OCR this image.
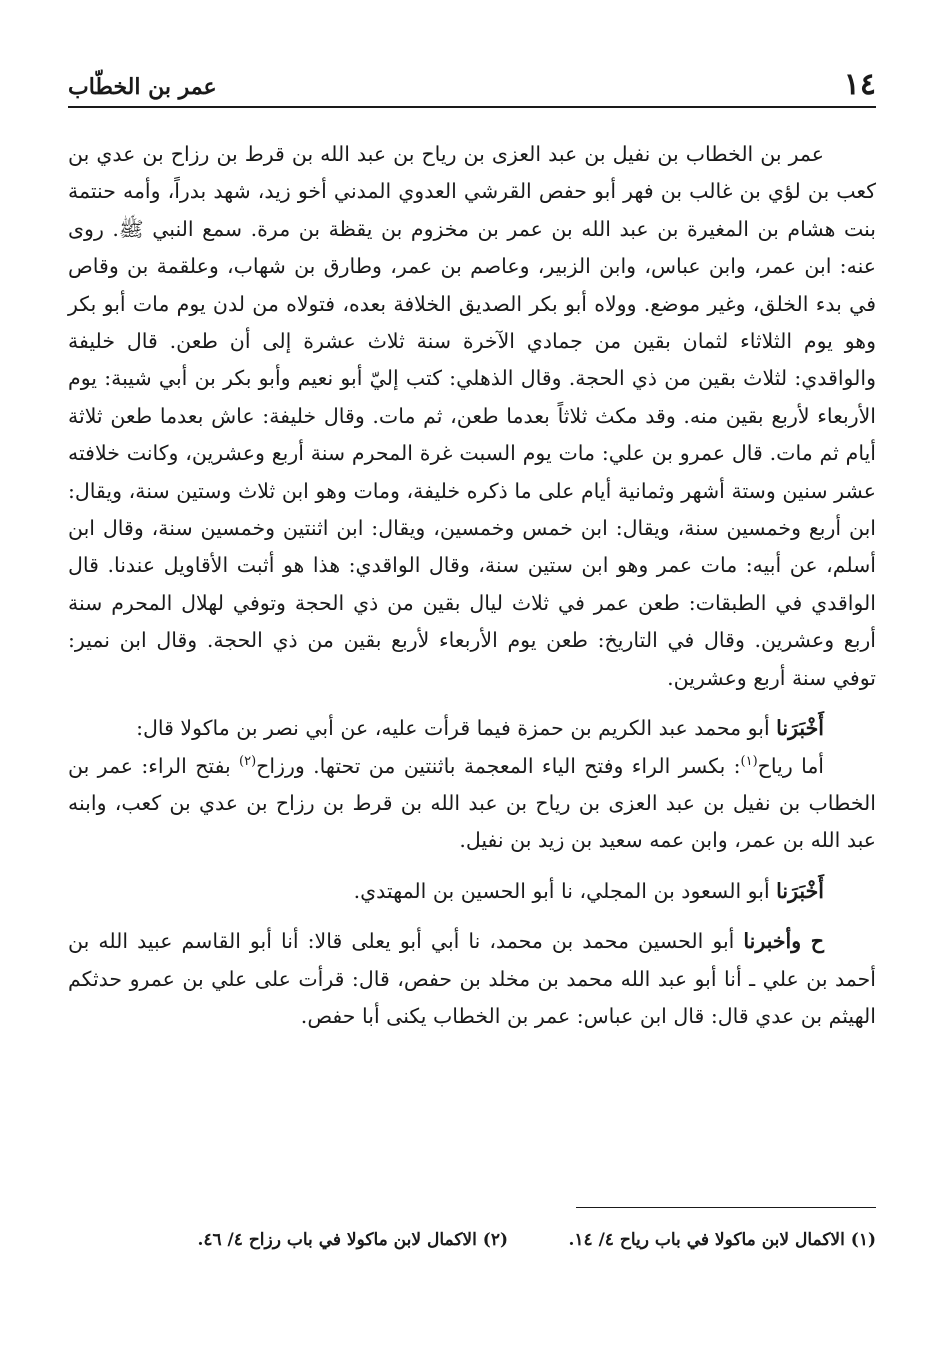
١٤
عمر بن الخطّاب

عمر بن الخطاب بن نفيل بن عبد العزى بن رياح بن عبد الله بن قرط بن رزاح بن عدي بن كعب بن لؤي بن غالب بن فهر أبو حفص القرشي العدوي المدني أخو زيد، شهد بدراً، وأمه حنتمة بنت هشام بن المغيرة بن عبد الله بن عمر بن مخزوم بن يقظة بن مرة. سمع النبي ﷺ. روى عنه: ابن عمر، وابن عباس، وابن الزبير، وعاصم بن عمر، وطارق بن شهاب، وعلقمة بن وقاص في بدء الخلق، وغير موضع. وولاه أبو بكر الصديق الخلافة بعده، فتولاه من لدن يوم مات أبو بكر وهو يوم الثلاثاء لثمان بقين من جمادي الآخرة سنة ثلاث عشرة إلى أن طعن. قال خليفة والواقدي: لثلاث بقين من ذي الحجة. وقال الذهلي: كتب إليّ أبو نعيم وأبو بكر بن أبي شيبة: يوم الأربعاء لأربع بقين منه. وقد مكث ثلاثاً بعدما طعن، ثم مات. وقال خليفة: عاش بعدما طعن ثلاثة أيام ثم مات. قال عمرو بن علي: مات يوم السبت غرة المحرم سنة أربع وعشرين، وكانت خلافته عشر سنين وستة أشهر وثمانية أيام على ما ذكره خليفة، ومات وهو ابن ثلاث وستين سنة، ويقال: ابن أربع وخمسين سنة، ويقال: ابن خمس وخمسين، ويقال: ابن اثنتين وخمسين سنة، وقال ابن أسلم، عن أبيه: مات عمر وهو ابن ستين سنة، وقال الواقدي: هذا هو أثبت الأقاويل عندنا. قال الواقدي في الطبقات: طعن عمر في ثلاث ليال بقين من ذي الحجة وتوفي لهلال المحرم سنة أربع وعشرين. وقال في التاريخ: طعن يوم الأربعاء لأربع بقين من ذي الحجة. وقال ابن نمير: توفي سنة أربع وعشرين.

أَخْبَرَنا أبو محمد عبد الكريم بن حمزة فيما قرأت عليه، عن أبي نصر بن ماكولا قال:

أما رياح$^{(١)}$: بكسر الراء وفتح الياء المعجمة باثنتين من تحتها. ورزاح$^{(٢)}$ بفتح الراء: عمر بن الخطاب بن نفيل بن عبد العزى بن رياح بن عبد الله بن قرط بن رزاح بن عدي بن كعب، وابنه عبد الله بن عمر، وابن عمه سعيد بن زيد بن نفيل.

أَخْبَرَنا أبو السعود بن المجلي، نا أبو الحسين بن المهتدي.

ح وأخبرنا أبو الحسين محمد بن محمد، نا أبي أبو يعلى قالا: أنا أبو القاسم عبيد الله بن أحمد بن علي ـ أنا أبو عبد الله محمد بن مخلد بن حفص، قال: قرأت على علي بن عمرو حدثكم الهيثم بن عدي قال: قال ابن عباس: عمر بن الخطاب يكنى أبا حفص.

(١) الاكمال لابن ماكولا في باب رياح ٤/ ١٤.
(٢) الاكمال لابن ماكولا في باب رزاح ٤/ ٤٦.
